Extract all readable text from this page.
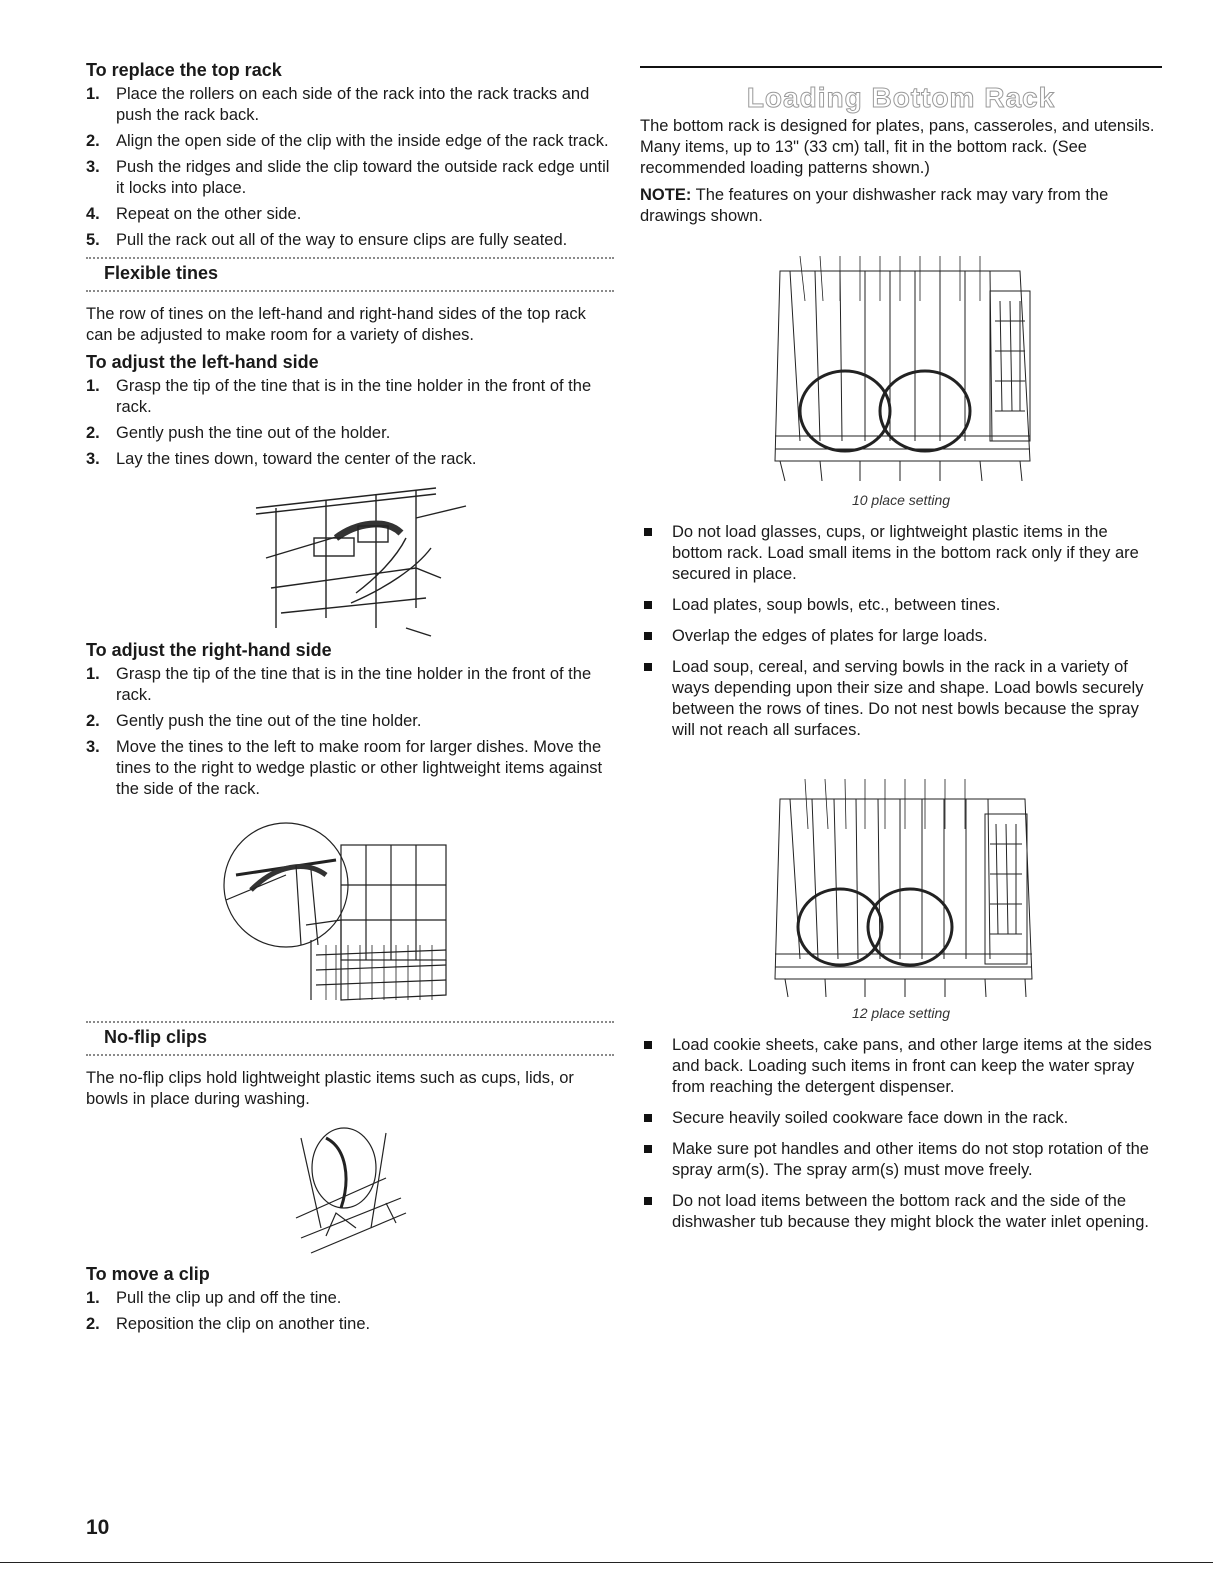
To replace the top rack
1. Place the rollers on each side of the rack into the rack tracks and push the rack back.
2. Align the open side of the clip with the inside edge of the rack track.
3. Push the ridges and slide the clip toward the outside rack edge until it locks into place.
4. Repeat on the other side.
5. Pull the rack out all of the way to ensure clips are fully seated.
Flexible tines

The row of tines on the left-hand and right-hand sides of the top rack can be adjusted to make room for a variety of dishes.

To adjust the left-hand side
1. Grasp the tip of the tine that is in the tine holder in the front of the rack.
2. Gently push the tine out of the holder.
3. Lay the tines down, toward the center of the rack.
To adjust the right-hand side
1. Grasp the tip of the tine that is in the tine holder in the front of the rack.
2. Gently push the tine out of the tine holder.
3. Move the tines to the left to make room for larger dishes. Move the tines to the right to wedge plastic or other lightweight items against the side of the rack.
No-flip clips

The no-flip clips hold lightweight plastic items such as cups, lids, or bowls in place during washing.

To move a clip
1. Pull the clip up and off the tine.
2. Reposition the clip on another tine.
Loading Bottom Rack

The bottom rack is designed for plates, pans, casseroles, and utensils. Many items, up to 13" (33 cm) tall, fit in the bottom rack. (See recommended loading patterns shown.)

NOTE: The features on your dishwasher rack may vary from the drawings shown.

10 place setting
Do not load glasses, cups, or lightweight plastic items in the bottom rack. Load small items in the bottom rack only if they are secured in place.
Load plates, soup bowls, etc., between tines.
Overlap the edges of plates for large loads.
Load soup, cereal, and serving bowls in the rack in a variety of ways depending upon their size and shape. Load bowls securely between the rows of tines. Do not nest bowls because the spray will not reach all surfaces.
12 place setting
Load cookie sheets, cake pans, and other large items at the sides and back. Loading such items in front can keep the water spray from reaching the detergent dispenser.
Secure heavily soiled cookware face down in the rack.
Make sure pot handles and other items do not stop rotation of the spray arm(s). The spray arm(s) must move freely.
Do not load items between the bottom rack and the side of the dishwasher tub because they might block the water inlet opening.
10
